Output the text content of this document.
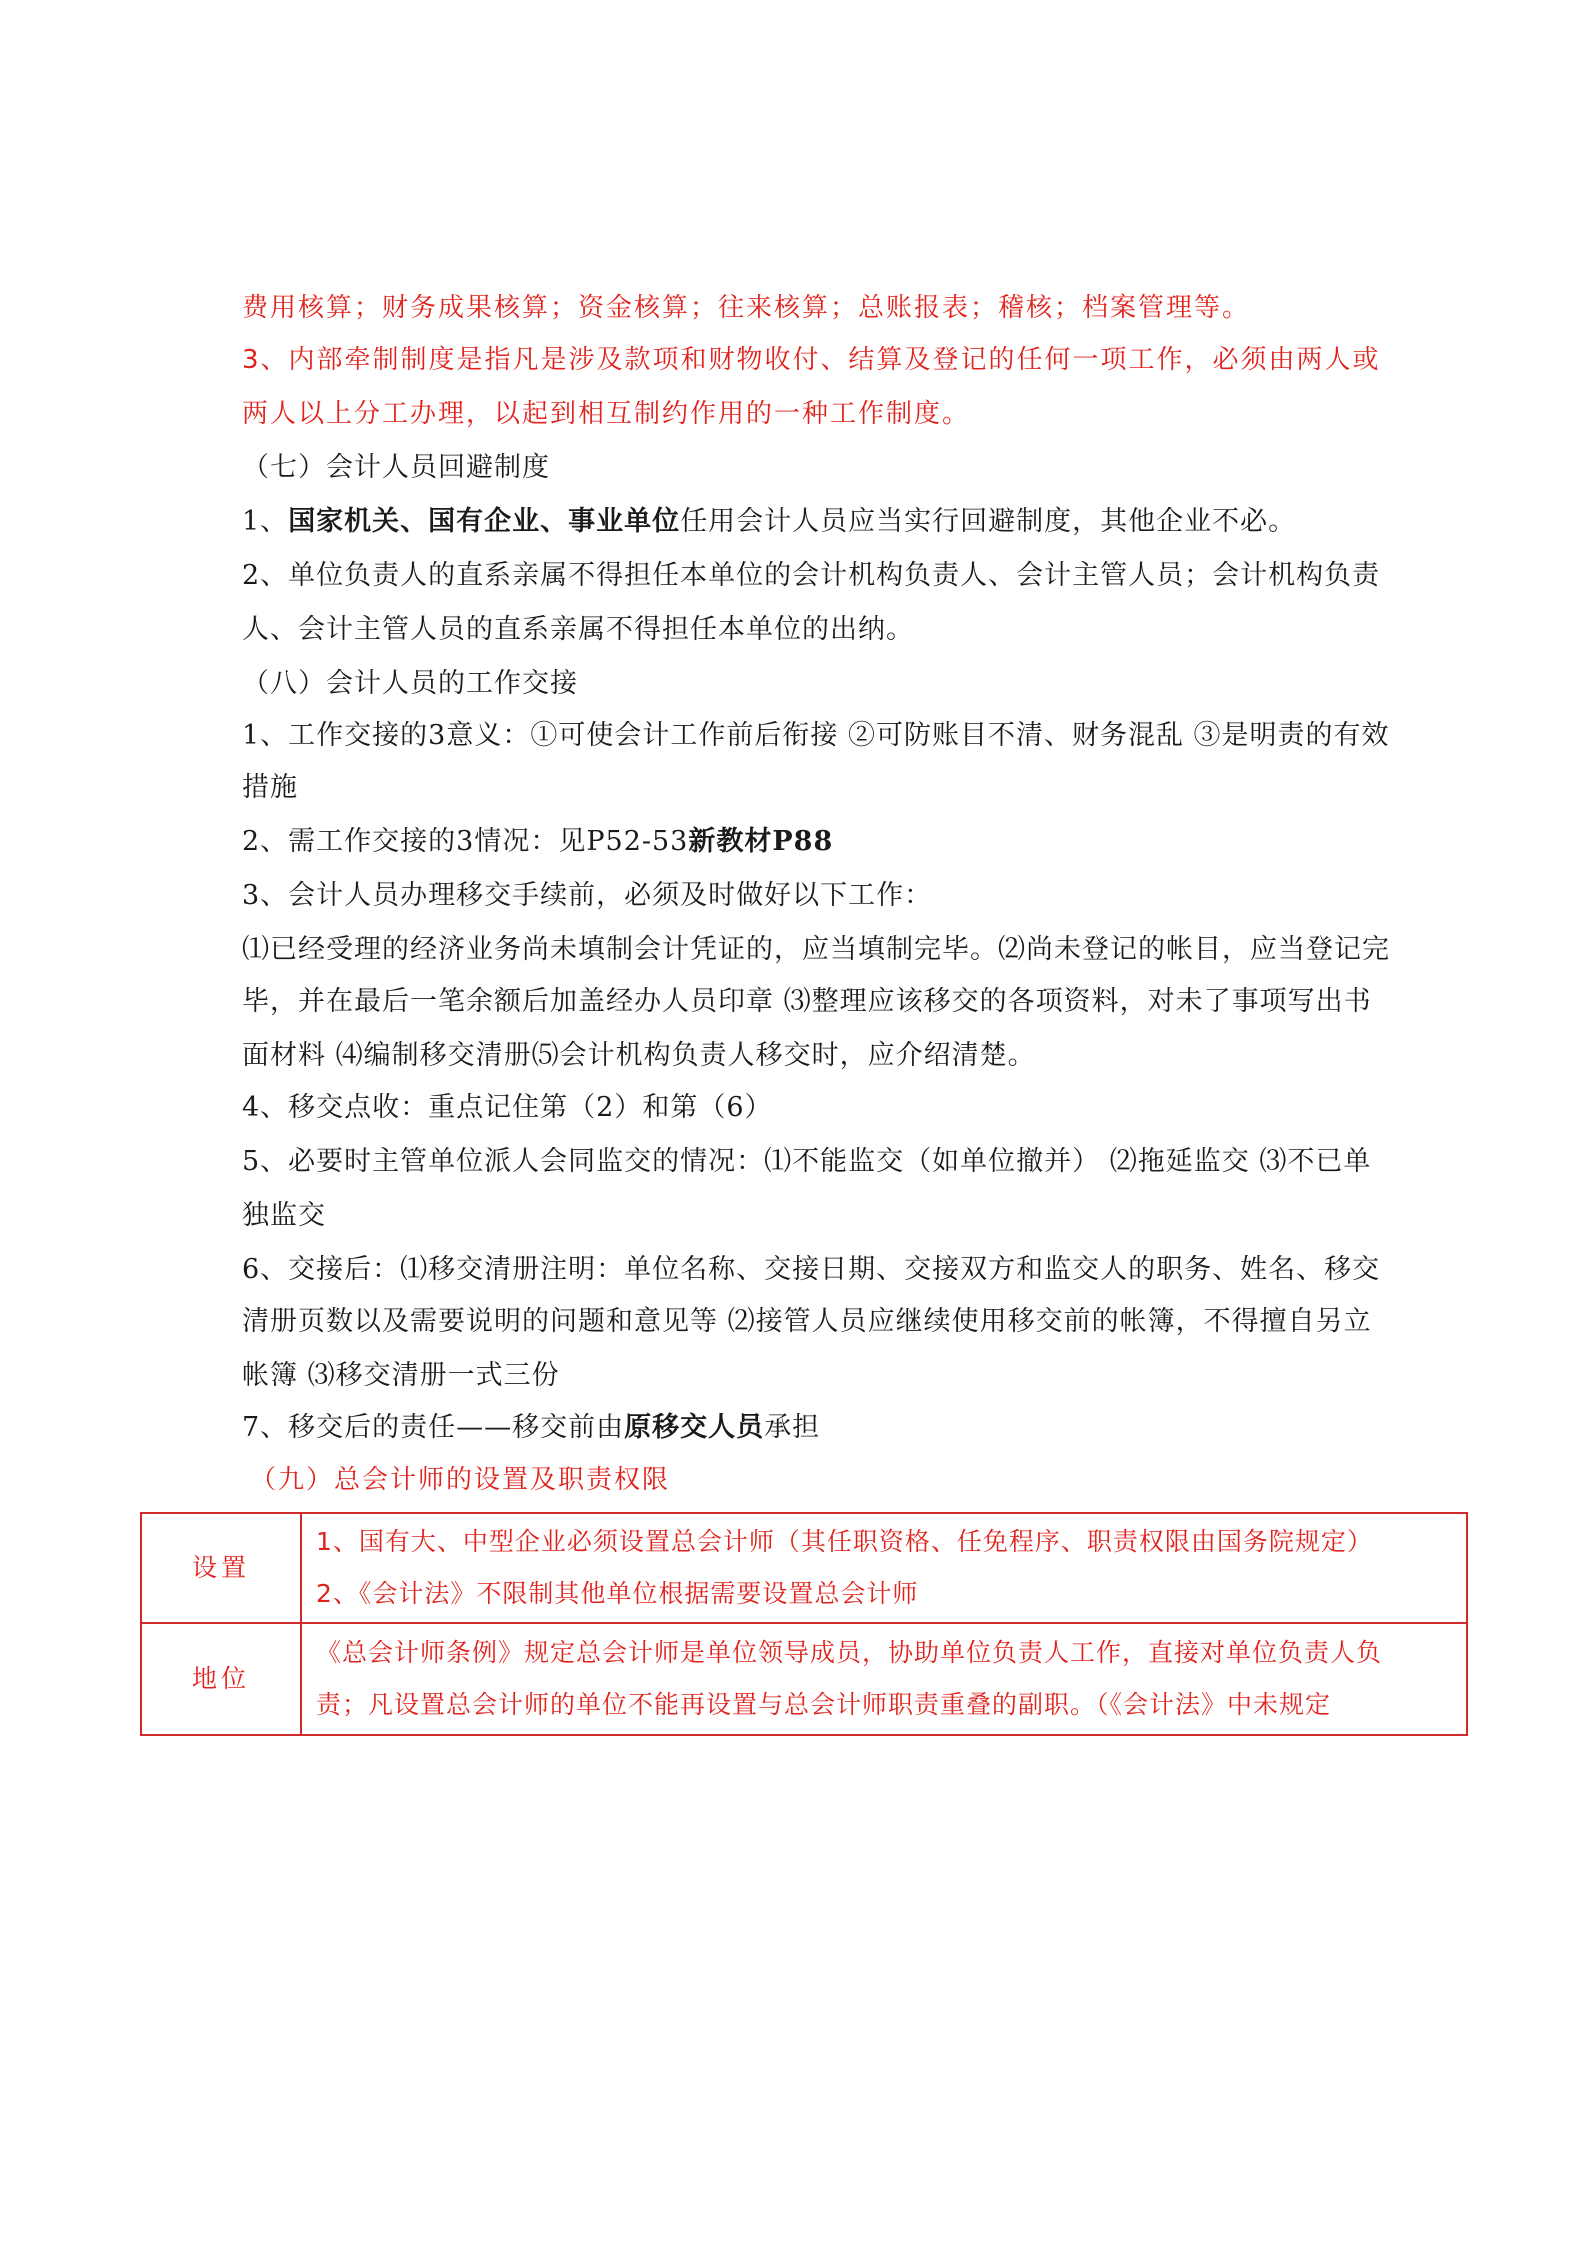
费用核算；财务成果核算；资金核算；往来核算；总账报表；稽核；档案管理等。
3、内部牵制制度是指凡是涉及款项和财物收付、结算及登记的任何一项工作，必须由两人或
两人以上分工办理，以起到相互制约作用的一种工作制度。
（七）会计人员回避制度
1、国家机关、国有企业、事业单位任用会计人员应当实行回避制度，其他企业不必。
2、单位负责人的直系亲属不得担任本单位的会计机构负责人、会计主管人员；会计机构负责
人、会计主管人员的直系亲属不得担任本单位的出纳。
（八）会计人员的工作交接
1、工作交接的3意义：①可使会计工作前后衔接 ②可防账目不清、财务混乱 ③是明责的有效
措施
2、需工作交接的3情况：见P52-53新教材P88
3、会计人员办理移交手续前，必须及时做好以下工作：
⑴已经受理的经济业务尚未填制会计凭证的，应当填制完毕。⑵尚未登记的帐目，应当登记完
毕，并在最后一笔余额后加盖经办人员印章 ⑶整理应该移交的各项资料，对未了事项写出书
面材料 ⑷编制移交清册⑸会计机构负责人移交时，应介绍清楚。
4、移交点收：重点记住第（2）和第（6）
5、必要时主管单位派人会同监交的情况：⑴不能监交（如单位撤并） ⑵拖延监交 ⑶不已单
独监交
6、交接后：⑴移交清册注明：单位名称、交接日期、交接双方和监交人的职务、姓名、移交
清册页数以及需要说明的问题和意见等 ⑵接管人员应继续使用移交前的帐簿，不得擅自另立
帐簿 ⑶移交清册一式三份
7、移交后的责任——移交前由原移交人员承担
（九）总会计师的设置及职责权限
设置	1、国有大、中型企业必须设置总会计师（其任职资格、任免程序、职责权限由国务院规定）
2、《会计法》不限制其他单位根据需要设置总会计师

地位	《总会计师条例》规定总会计师是单位领导成员，协助单位负责人工作，直接对单位负责人负
责；凡设置总会计师的单位不能再设置与总会计师职责重叠的副职。（《会计法》中未规定
